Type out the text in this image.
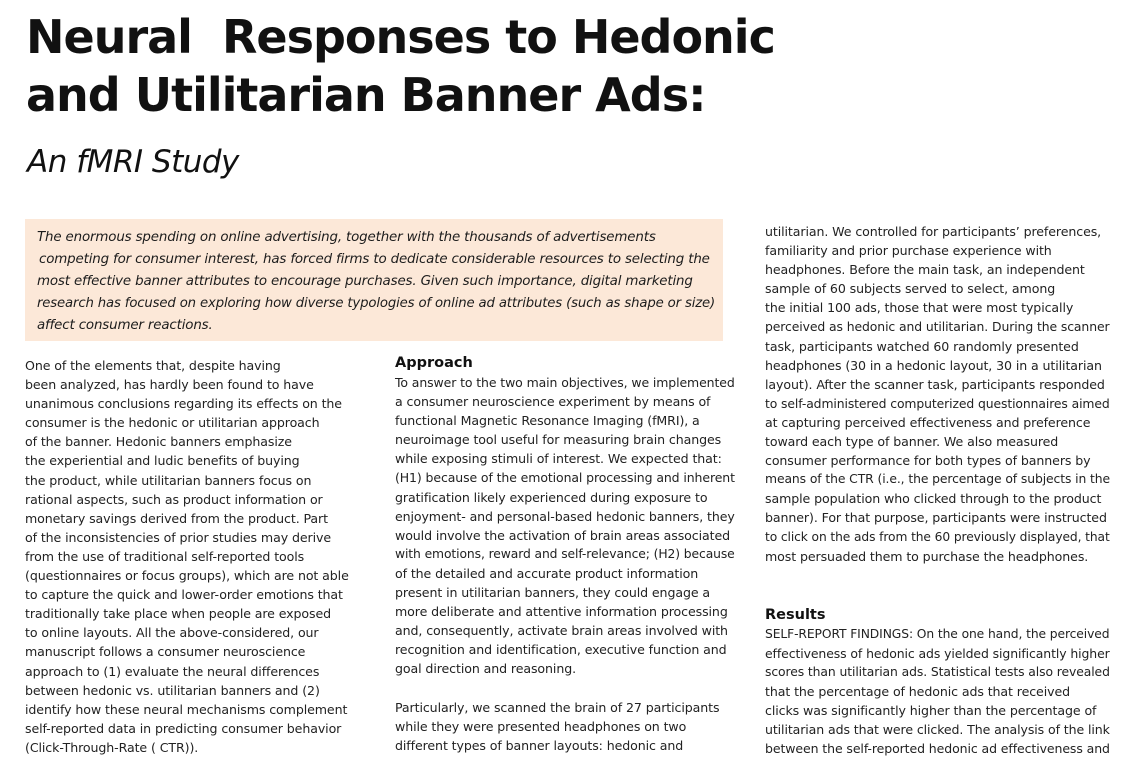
Neural  Responses to Hedonic
and Utilitarian Banner Ads:
An fMRI Study
The enormous spending on online advertising, together with the thousands of advertisements
competing for consumer interest, has forced firms to dedicate considerable resources to selecting the
most effective banner attributes to encourage purchases. Given such importance, digital marketing
research has focused on exploring how diverse typologies of online ad attributes (such as shape or size)
affect consumer reactions.
One of the elements that, despite having
been analyzed, has hardly been found to have
unanimous conclusions regarding its effects on the
consumer is the hedonic or utilitarian approach
of the banner. Hedonic banners emphasize
the experiential and ludic benefits of buying
the product, while utilitarian banners focus on
rational aspects, such as product information or
monetary savings derived from the product. Part
of the inconsistencies of prior studies may derive
from the use of traditional self-reported tools
(questionnaires or focus groups), which are not able
to capture the quick and lower-order emotions that
traditionally take place when people are exposed
to online layouts. All the above-considered, our
manuscript follows a consumer neuroscience
approach to (1) evaluate the neural differences
between hedonic vs. utilitarian banners and (2)
identify how these neural mechanisms complement
self-reported data in predicting consumer behavior
(Click-Through-Rate ( CTR)).
Approach
To answer to the two main objectives, we implemented
a consumer neuroscience experiment by means of
functional Magnetic Resonance Imaging (fMRI), a
neuroimage tool useful for measuring brain changes
while exposing stimuli of interest. We expected that:
(H1) because of the emotional processing and inherent
gratification likely experienced during exposure to
enjoyment- and personal-based hedonic banners, they
would involve the activation of brain areas associated
with emotions, reward and self-relevance; (H2) because
of the detailed and accurate product information
present in utilitarian banners, they could engage a
more deliberate and attentive information processing
and, consequently, activate brain areas involved with
recognition and identification, executive function and
goal direction and reasoning.
Particularly, we scanned the brain of 27 participants
while they were presented headphones on two
different types of banner layouts: hedonic and
utilitarian. We controlled for participants’ preferences,
familiarity and prior purchase experience with
headphones. Before the main task, an independent
sample of 60 subjects served to select, among
the initial 100 ads, those that were most typically
perceived as hedonic and utilitarian. During the scanner
task, participants watched 60 randomly presented
headphones (30 in a hedonic layout, 30 in a utilitarian
layout). After the scanner task, participants responded
to self-administered computerized questionnaires aimed
at capturing perceived effectiveness and preference
toward each type of banner. We also measured
consumer performance for both types of banners by
means of the CTR (i.e., the percentage of subjects in the
sample population who clicked through to the product
banner). For that purpose, participants were instructed
to click on the ads from the 60 previously displayed, that
most persuaded them to purchase the headphones.
Results
SELF-REPORT FINDINGS: On the one hand, the perceived
effectiveness of hedonic ads yielded significantly higher
scores than utilitarian ads. Statistical tests also revealed
that the percentage of hedonic ads that received
clicks was significantly higher than the percentage of
utilitarian ads that were clicked. The analysis of the link
between the self-reported hedonic ad effectiveness and
